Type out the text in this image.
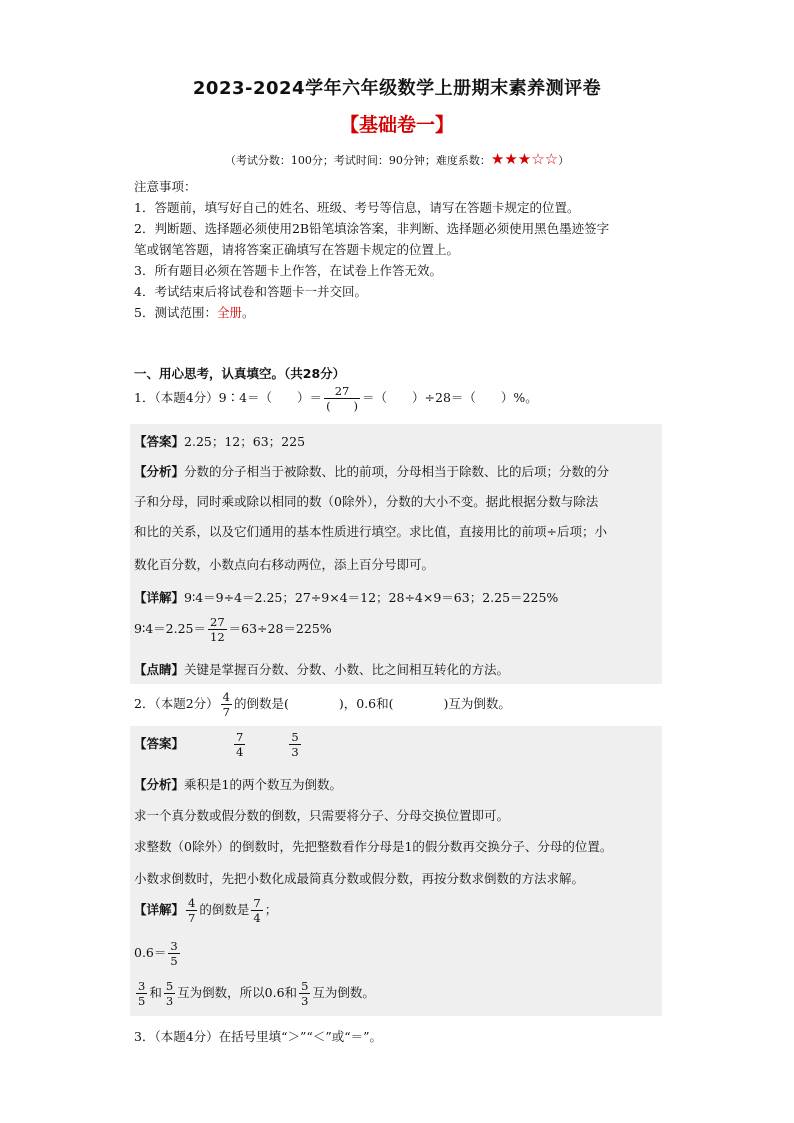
2023-2024学年六年级数学上册期末素养测评卷
【基础卷一】
（考试分数：100分；考试时间：90分钟；难度系数：★★★☆☆）
注意事项：
1．答题前，填写好自己的姓名、班级、考号等信息，请写在答题卡规定的位置。
2．判断题、选择题必须使用2B铅笔填涂答案，非判断、选择题必须使用黑色墨迹签字
笔或钢笔答题，请将答案正确填写在答题卡规定的位置上。
3．所有题目必须在答题卡上作答，在试卷上作答无效。
4．考试结束后将试卷和答题卡一并交回。
5．测试范围：全册。
一、用心思考，认真填空。（共28分）
1．（本题4分）9∶4＝（　　）＝ $\frac{27}{( )}$ ＝（　　）÷28＝（　　）%。
【答案】2.25；12；63；225
【分析】分数的分子相当于被除数、比的前项，分母相当于除数、比的后项；分数的分
子和分母，同时乘或除以相同的数（0除外），分数的大小不变。据此根据分数与除法
和比的关系，以及它们通用的基本性质进行填空。求比值，直接用比的前项÷后项；小
数化百分数，小数点向右移动两位，添上百分号即可。
【详解】9∶4＝9÷4＝2.25；27÷9×4＝12；28÷4×9＝63；2.25＝225%
9∶4＝2.25＝ $\frac{27}{12} =63\div 28=225\%$
【点睛】关键是掌握百分数、分数、小数、比之间相互转化的方法。
2．（本题2分） $\frac{4}{7}$ 的倒数是(　　　　)，0.6和(　　　　)互为倒数。
【答案】	$\frac{7}{4}$
	$\frac{5}{3}$
【分析】乘积是1的两个数互为倒数。
求一个真分数或假分数的倒数，只需要将分子、分母交换位置即可。
求整数（0除外）的倒数时，先把整数看作分母是1的假分数再交换分子、分母的位置。
小数求倒数时，先把小数化成最简真分数或假分数，再按分数求倒数的方法求解。
【详解】 $\frac{4}{7}$ 的倒数是 $\frac{7}{4}$ ；
$0.6= \frac{3}{5}$
$\frac{3}{5}$ 和 $\frac{5}{3}$ 互为倒数，所以0.6和 $\frac{5}{3}$ 互为倒数。
3．（本题4分）在括号里填“＞”“＜”或“＝”。
